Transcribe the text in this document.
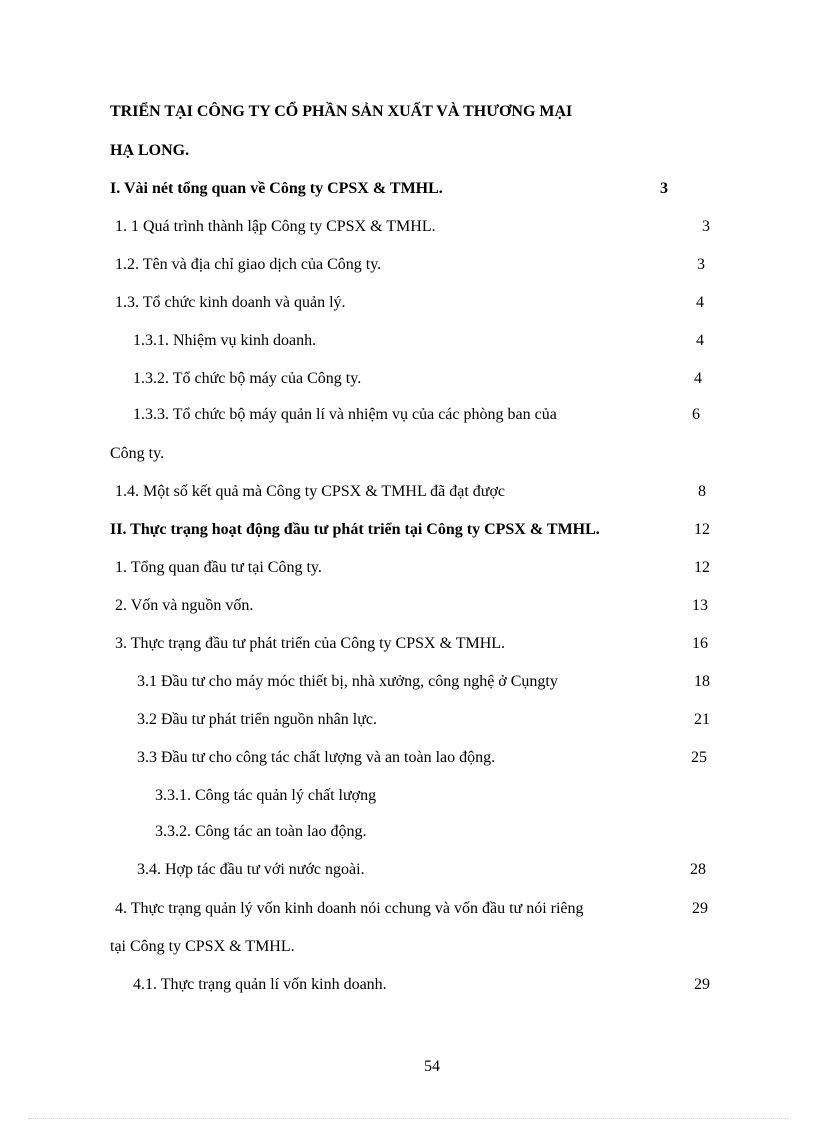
TRIỂN TẠI CÔNG TY CỔ PHẦN SẢN XUẤT VÀ THƯƠNG MẠI
HẠ LONG.
I. Vài nét tổng quan về Công ty CPSX & TMHL.	3
1. 1 Quá trình thành lập Công ty CPSX & TMHL.	3
1.2. Tên và địa chỉ giao dịch của Công ty.	3
1.3. Tổ chức kinh doanh và quản lý.	4
1.3.1. Nhiệm vụ kinh doanh.	4
1.3.2. Tổ chức bộ máy của Công ty.	4
1.3.3. Tổ chức bộ máy quản lí và nhiệm vụ của các phòng ban của	6
Công ty.
1.4. Một số kết quả mà Công ty CPSX & TMHL đã đạt được	8
II. Thực trạng hoạt động đầu tư phát triển tại Công ty CPSX & TMHL.	12
1. Tổng quan đầu tư tại Công ty.	12
2. Vốn và nguồn vốn.	13
3. Thực trạng đầu tư phát triển của Công ty CPSX & TMHL.	16
3.1 Đầu tư cho máy móc thiết bị, nhà xưởng, công nghệ ở Cụngty	18
3.2 Đầu tư phát triển nguồn nhân lực.	21
3.3 Đầu tư cho công tác chất lượng và an toàn lao động.	25
3.3.1. Công tác quản lý chất lượng
3.3.2. Công tác an toàn lao động.
3.4. Hợp tác đầu tư với nước ngoài.	28
4. Thực trạng quản lý vốn kinh doanh nói cchung và vốn đầu tư nói riêng	29
tại Công ty CPSX & TMHL.
4.1. Thực trạng quản lí vốn kinh doanh.	29
54
